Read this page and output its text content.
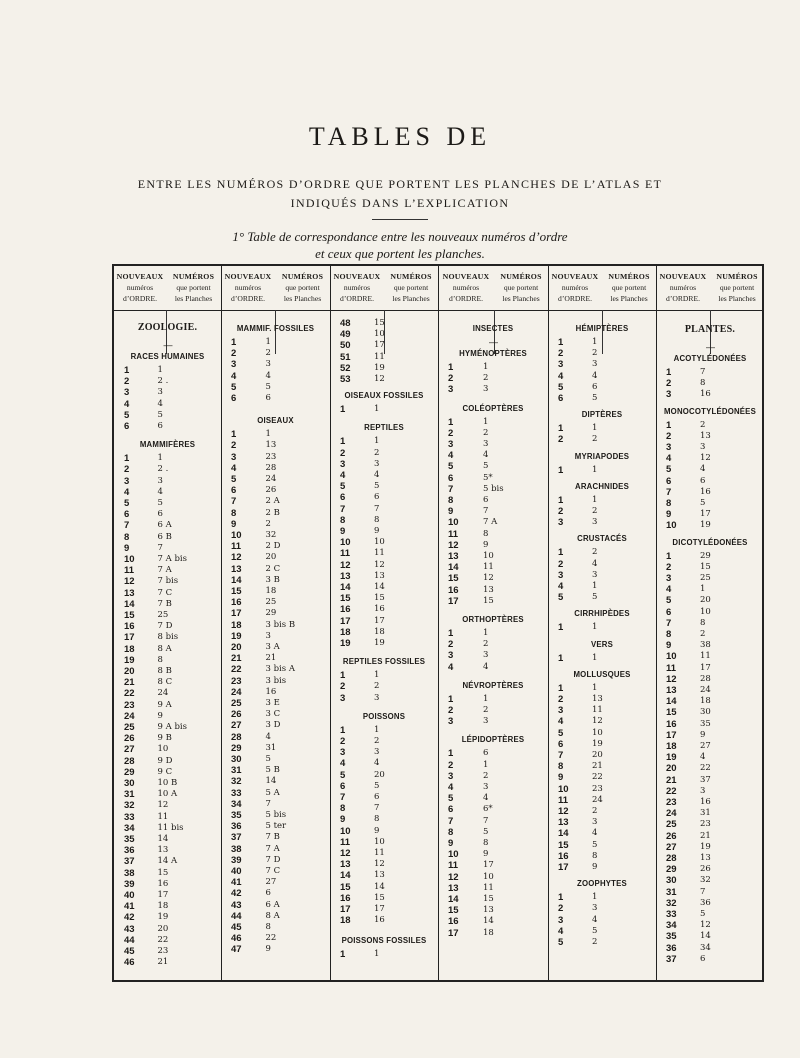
TABLES DE
ENTRE LES NUMÉROS D’ORDRE QUE PORTENT LES PLANCHES DE L’ATLAS ET
INDIQUÉS DANS L’EXPLICATION
1° Table de correspondance entre les nouveaux numéros d’ordre
et ceux que portent les planches.
NOUVEAUX
numéros
d’ORDRE.
NUMÉROS
que portent
les Planches
NOUVEAUX
numéros
d’ORDRE.
NUMÉROS
que portent
les Planches
NOUVEAUX
numéros
d’ORDRE.
NUMÉROS
que portent
les Planches
NOUVEAUX
numéros
d’ORDRE.
NUMÉROS
que portent
les Planches
NOUVEAUX
numéros
d’ORDRE.
NUMÉROS
que portent
les Planches
NOUVEAUX
numéros
d’ORDRE.
NUMÉROS
que portent
les Planches
ZOOLOGIE.
—
RACES HUMAINES
1	1
2	2 .
3	3
4	4
5	5
6	6
MAMMIFÈRES
1	1
2	2 .
3	3
4	4
5	5
6	6
7	6 A
8	6 B
9	7
10	7 A bis
11	7 A
12	7 bis
13	7 C
14	7 B
15	25
16	7 D
17	8 bis
18	8 A
19	8
20	8 B
21	8 C
22	24
23	9 A
24	9
25	9 A bis
26	9 B
27	10
28	9 D
29	9 C
30	10 B
31	10 A
32	12
33	11
34	11 bis
35	14
36	13
37	14 A
38	15
39	16
40	17
41	18
42	19
43	20
44	22
45	23
46	21
MAMMIF. FOSSILES
1	1
2	2
3	3
4	4
5	5
6	6
OISEAUX
1	1
2	13
3	23
4	28
5	24
6	26
7	2 A
8	2 B
9	2
10	32
11	2 D
12	20
13	2 C
14	3 B
15	18
16	25
17	29
18	3 bis B
19	3
20	3 A
21	21
22	3 bis A
23	3 bis
24	16
25	3 E
26	3 C
27	3 D
28	4
29	31
30	5
31	5 B
32	14
33	5 A
34	7
35	5 bis
36	5 ter
37	7 B
38	7 A
39	7 D
40	7 C
41	27
42	6
43	6 A
44	8 A
45	8
46	22
47	9
48	15
49	10
50	17
51	11
52	19
53	12
OISEAUX FOSSILES
1	1
REPTILES
1	1
2	2
3	3
4	4
5	5
6	6
7	7
8	8
9	9
10	10
11	11
12	12
13	13
14	14
15	15
16	16
17	17
18	18
19	19
REPTILES FOSSILES
1	1
2	2
3	3
POISSONS
1	1
2	2
3	3
4	4
5	20
6	5
7	6
8	7
9	8
10	9
11	10
12	11
13	12
14	13
15	14
16	15
17	17
18	16
POISSONS FOSSILES
1	1
INSECTES
—
HYMÉNOPTÈRES
1	1
2	2
3	3
COLÉOPTÈRES
1	1
2	2
3	3
4	4
5	5
6	5*
7	5 bis
8	6
9	7
10	7 A
11	8
12	9
13	10
14	11
15	12
16	13
17	15
ORTHOPTÈRES
1	1
2	2
3	3
4	4
NÉVROPTÈRES
1	1
2	2
3	3
LÉPIDOPTÈRES
1	6
2	1
3	2
4	3
5	4
6	6*
7	7
8	5
9	8
10	9
11	17
12	10
13	11
14	15
15	13
16	14
17	18
HÉMIPTÈRES
1	1
2	2
3	3
4	4
5	6
6	5
DIPTÈRES
1	1
2	2
MYRIAPODES
1	1
ARACHNIDES
1	1
2	2
3	3
CRUSTACÉS
1	2
2	4
3	3
4	1
5	5
CIRRHIPÈDES
1	1
VERS
1	1
MOLLUSQUES
1	1
2	13
3	11
4	12
5	10
6	19
7	20
8	21
9	22
10	23
11	24
12	2
13	3
14	4
15	5
16	8
17	9
ZOOPHYTES
1	1
2	3
3	4
4	5
5	2
PLANTES.
—
ACOTYLÉDONÉES
1	7
2	8
3	16
MONOCOTYLÉDONÉES
1	2
2	13
3	3
4	12
5	4
6	6
7	16
8	5
9	17
10	19
DICOTYLÉDONÉES
1	29
2	15
3	25
4	1
5	20
6	10
7	8
8	2
9	38
10	11
11	17
12	28
13	24
14	18
15	30
16	35
17	9
18	27
19	4
20	22
21	37
22	3
23	16
24	31
25	23
26	21
27	19
28	13
29	26
30	32
31	7
32	36
33	5
34	12
35	14
36	34
37	6
